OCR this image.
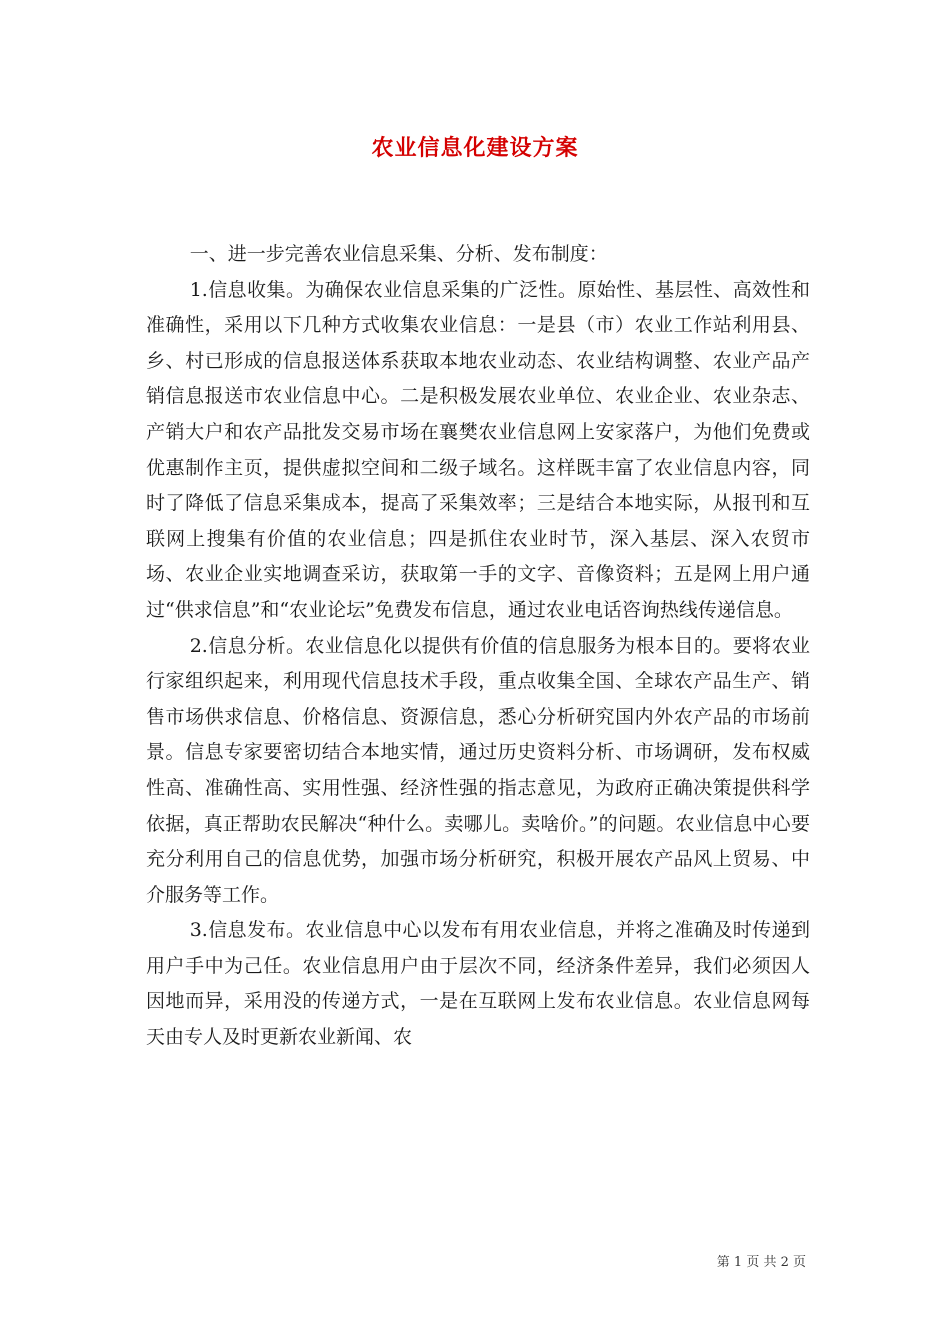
农业信息化建设方案

一、进一步完善农业信息采集、分析、发布制度：

1.信息收集。为确保农业信息采集的广泛性。原始性、基层性、高效性和准确性，采用以下几种方式收集农业信息：一是县（市）农业工作站利用县、乡、村已形成的信息报送体系获取本地农业动态、农业结构调整、农业产品产销信息报送市农业信息中心。二是积极发展农业单位、农业企业、农业杂志、产销大户和农产品批发交易市场在襄樊农业信息网上安家落户，为他们免费或优惠制作主页，提供虚拟空间和二级子域名。这样既丰富了农业信息内容，同时了降低了信息采集成本，提高了采集效率；三是结合本地实际，从报刊和互联网上搜集有价值的农业信息；四是抓住农业时节，深入基层、深入农贸市场、农业企业实地调查采访，获取第一手的文字、音像资料；五是网上用户通过“供求信息”和“农业论坛”免费发布信息，通过农业电话咨询热线传递信息。

2.信息分析。农业信息化以提供有价值的信息服务为根本目的。要将农业行家组织起来，利用现代信息技术手段，重点收集全国、全球农产品生产、销售市场供求信息、价格信息、资源信息，悉心分析研究国内外农产品的市场前景。信息专家要密切结合本地实情，通过历史资料分析、市场调研，发布权威性高、准确性高、实用性强、经济性强的指志意见，为政府正确决策提供科学依据，真正帮助农民解决“种什么。卖哪儿。卖啥价。”的问题。农业信息中心要充分利用自己的信息优势，加强市场分析研究，积极开展农产品风上贸易、中介服务等工作。

3.信息发布。农业信息中心以发布有用农业信息，并将之准确及时传递到用户手中为己任。农业信息用户由于层次不同，经济条件差异，我们必须因人因地而异，采用没的传递方式，一是在互联网上发布农业信息。农业信息网每天由专人及时更新农业新闻、农

第 1 页 共 2 页
